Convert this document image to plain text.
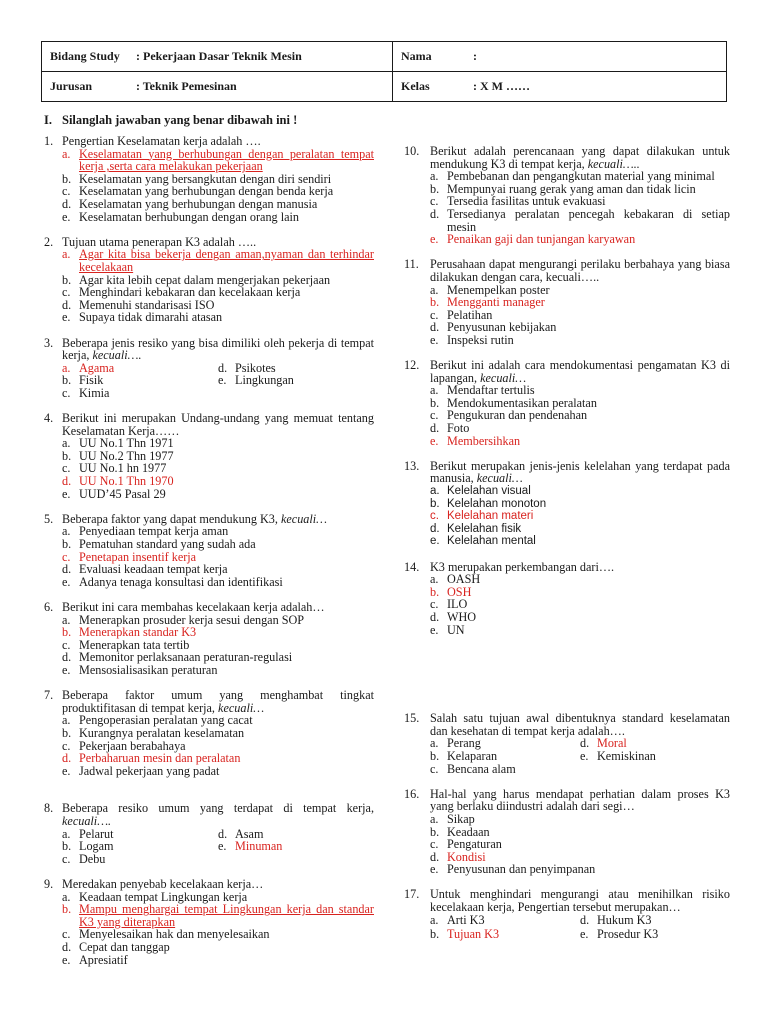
Bidang Study : Pekerjaan Dasar Teknik Mesin	Nama :
Jurusan : Teknik Pemesinan	Kelas : X M ……
I. Silanglah jawaban yang benar dibawah ini !
1. Pengertian Keselamatan kerja adalah ….
a. Keselamatan yang berhubungan dengan peralatan tempat kerja ,serta cara melakukan pekerjaan
b. Keselamatan yang bersangkutan dengan diri sendiri
c. Keselamatan yang berhubungan dengan benda kerja
d. Keselamatan yang berhubungan dengan manusia
e. Keselamatan berhubungan dengan orang lain
2. Tujuan utama penerapan K3 adalah …..
a. Agar kita bisa bekerja dengan aman,nyaman dan terhindar kecelakaan
b. Agar kita lebih cepat dalam mengerjakan pekerjaan
c. Menghindari kebakaran dan kecelakaan kerja
d. Memenuhi standarisasi ISO
e. Supaya tidak dimarahi atasan
3. Beberapa jenis resiko yang bisa dimiliki oleh pekerja di tempat kerja, kecuali….
a. Agama	d. Psikotes
b. Fisik	e. Lingkungan
c. Kimia
4. Berikut ini merupakan Undang-undang yang memuat tentang Keselamatan Kerja……
a. UU No.1 Thn 1971
b. UU No.2 Thn 1977
c. UU No.1 hn 1977
d. UU No.1 Thn 1970
e. UUD’45 Pasal 29
5. Beberapa faktor yang dapat mendukung K3, kecuali…
a. Penyediaan tempat kerja aman
b. Pematuhan standard yang sudah ada
c. Penetapan insentif kerja
d. Evaluasi keadaan tempat kerja
e. Adanya tenaga konsultasi dan identifikasi
6. Berikut ini cara membahas kecelakaan kerja adalah…
a. Menerapkan prosuder kerja sesui dengan SOP
b. Menerapkan standar K3
c. Menerapkan tata tertib
d. Memonitor perlaksanaan peraturan-regulasi
e. Mensosialisasikan peraturan
7. Beberapa faktor umum yang menghambat tingkat produktifitasan di tempat kerja, kecuali…
a. Pengoperasian peralatan yang cacat
b. Kurangnya peralatan keselamatan
c. Pekerjaan berabahaya
d. Perbaharuan mesin dan peralatan
e. Jadwal pekerjaan yang padat
8. Beberapa resiko umum yang terdapat di tempat kerja, kecuali….
a. Pelarut	d. Asam
b. Logam	e. Minuman
c. Debu
9. Meredakan penyebab kecelakaan kerja…
a. Keadaan tempat Lingkungan kerja
b. Mampu menghargai tempat Lingkungan kerja dan standar K3 yang diterapkan
c. Menyelesaikan hak dan menyelesaikan
d. Cepat dan tanggap
e. Apresiatif
10. Berikut adalah perencanaan yang dapat dilakukan untuk mendukung K3 di tempat kerja, kecuali…..
a. Pembebanan dan pengangkutan material yang minimal
b. Mempunyai ruang gerak yang aman dan tidak licin
c. Tersedia fasilitas untuk evakuasi
d. Tersedianya peralatan pencegah kebakaran di setiap mesin
e. Penaikan gaji dan tunjangan karyawan
11. Perusahaan dapat mengurangi perilaku berbahaya yang biasa dilakukan dengan cara, kecuali…..
a. Menempelkan poster
b. Mengganti manager
c. Pelatihan
d. Penyusunan kebijakan
e. Inspeksi rutin
12. Berikut ini adalah cara mendokumentasi pengamatan K3 di lapangan, kecuali…
a. Mendaftar tertulis
b. Mendokumentasikan peralatan
c. Pengukuran dan pendenahan
d. Foto
e. Membersihkan
13. Berikut merupakan jenis-jenis kelelahan yang terdapat pada manusia, kecuali…
a. Kelelahan visual
b. Kelelahan monoton
c. Kelelahan materi
d. Kelelahan fisik
e. Kelelahan mental
14. K3 merupakan perkembangan dari….
a. OASH
b. OSH
c. ILO
d. WHO
e. UN
15. Salah satu tujuan awal dibentuknya standard keselamatan dan kesehatan di tempat kerja adalah….
a. Perang	d. Moral
b. Kelaparan	e. Kemiskinan
c. Bencana alam
16. Hal-hal yang harus mendapat perhatian dalam proses K3 yang berlaku diindustri adalah dari segi…
a. Sikap
b. Keadaan
c. Pengaturan
d. Kondisi
e. Penyusunan dan penyimpanan
17. Untuk menghindari mengurangi atau menihilkan risiko kecelakaan kerja, Pengertian tersebut merupakan…
a. Arti K3	d. Hukum K3
b. Tujuan K3	e. Prosedur K3
